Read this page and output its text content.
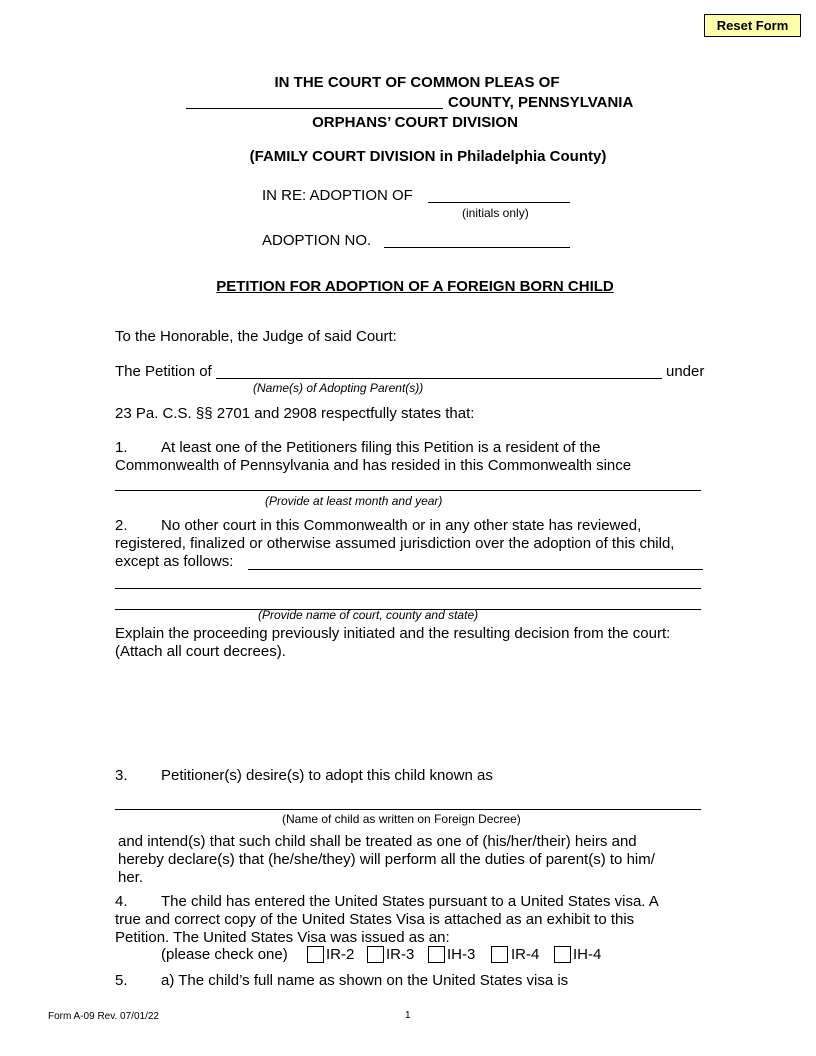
Reset Form
IN THE COURT OF COMMON PLEAS OF
COUNTY, PENNSYLVANIA
ORPHANS’ COURT DIVISION
(FAMILY COURT DIVISION in Philadelphia County)
IN RE: ADOPTION OF
(initials only)
ADOPTION NO.
PETITION FOR ADOPTION OF A FOREIGN BORN CHILD
To the Honorable, the Judge of said Court:
The Petition of	under
(Name(s) of Adopting Parent(s))
23 Pa. C.S. §§ 2701 and 2908 respectfully states that:
1. At least one of the Petitioners filing this Petition is a resident of the
Commonwealth of Pennsylvania and has resided in this Commonwealth since
(Provide at least month and year)
2. No other court in this Commonwealth or in any other state has reviewed,
registered, finalized or otherwise assumed jurisdiction over the adoption of this child,
except as follows:
(Provide name of court, county and state)
Explain the proceeding previously initiated and the resulting decision from the court:
(Attach all court decrees).
3. Petitioner(s) desire(s) to adopt this child known as
(Name of child as written on Foreign Decree)
and intend(s) that such child shall be treated as one of (his/her/their) heirs and
hereby declare(s) that (he/she/they) will perform all the duties of parent(s) to him/
her.
4. The child has entered the United States pursuant to a United States visa. A
true and correct copy of the United States Visa is attached as an exhibit to this
Petition. The United States Visa was issued as an:
(please check one)	IR-2 IR-3 IH-3 IR-4 IH-4
5. a) The child’s full name as shown on the United States visa is
Form A-09 Rev. 07/01/22	1
